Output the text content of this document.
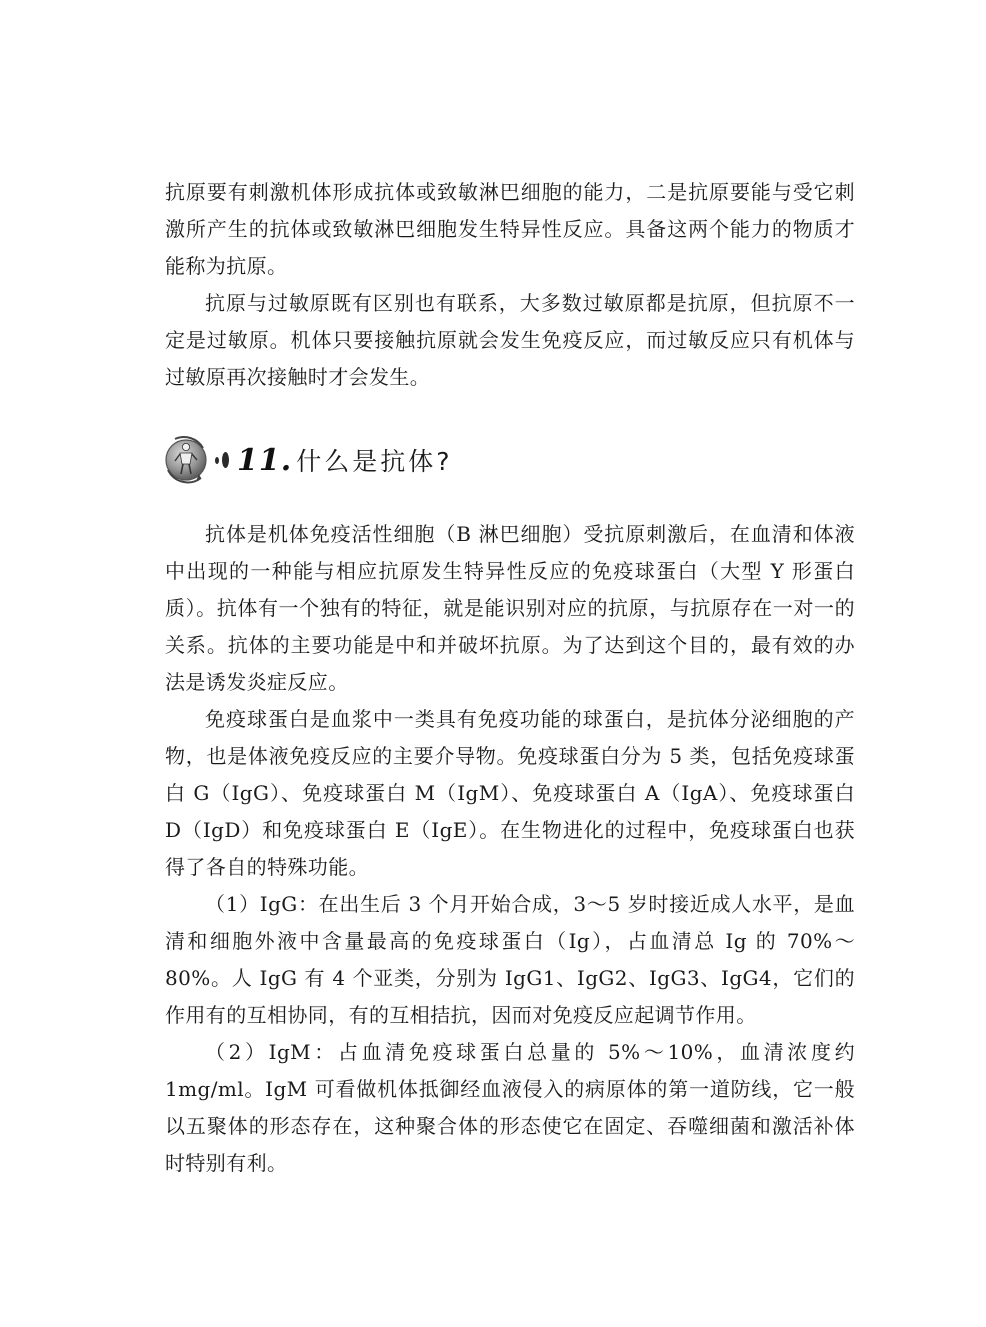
抗原要有刺激机体形成抗体或致敏淋巴细胞的能力，二是抗原要能与受它刺激所产生的抗体或致敏淋巴细胞发生特异性反应。具备这两个能力的物质才能称为抗原。

抗原与过敏原既有区别也有联系，大多数过敏原都是抗原，但抗原不一定是过敏原。机体只要接触抗原就会发生免疫反应，而过敏反应只有机体与过敏原再次接触时才会发生。

11. 什么是抗体?

抗体是机体免疫活性细胞（B 淋巴细胞）受抗原刺激后，在血清和体液中出现的一种能与相应抗原发生特异性反应的免疫球蛋白（大型 Y 形蛋白质）。抗体有一个独有的特征，就是能识别对应的抗原，与抗原存在一对一的关系。抗体的主要功能是中和并破坏抗原。为了达到这个目的，最有效的办法是诱发炎症反应。

免疫球蛋白是血浆中一类具有免疫功能的球蛋白，是抗体分泌细胞的产物，也是体液免疫反应的主要介导物。免疫球蛋白分为 5 类，包括免疫球蛋白 G（IgG）、免疫球蛋白 M（IgM）、免疫球蛋白 A（IgA）、免疫球蛋白 D（IgD）和免疫球蛋白 E（IgE）。在生物进化的过程中，免疫球蛋白也获得了各自的特殊功能。

（1）IgG：在出生后 3 个月开始合成，3～5 岁时接近成人水平，是血清和细胞外液中含量最高的免疫球蛋白（Ig），占血清总 Ig 的 70%～80%。人 IgG 有 4 个亚类，分别为 IgG1、IgG2、IgG3、IgG4，它们的作用有的互相协同，有的互相拮抗，因而对免疫反应起调节作用。

（2）IgM：占血清免疫球蛋白总量的 5%～10%，血清浓度约 1mg/ml。IgM 可看做机体抵御经血液侵入的病原体的第一道防线，它一般以五聚体的形态存在，这种聚合体的形态使它在固定、吞噬细菌和激活补体时特别有利。
